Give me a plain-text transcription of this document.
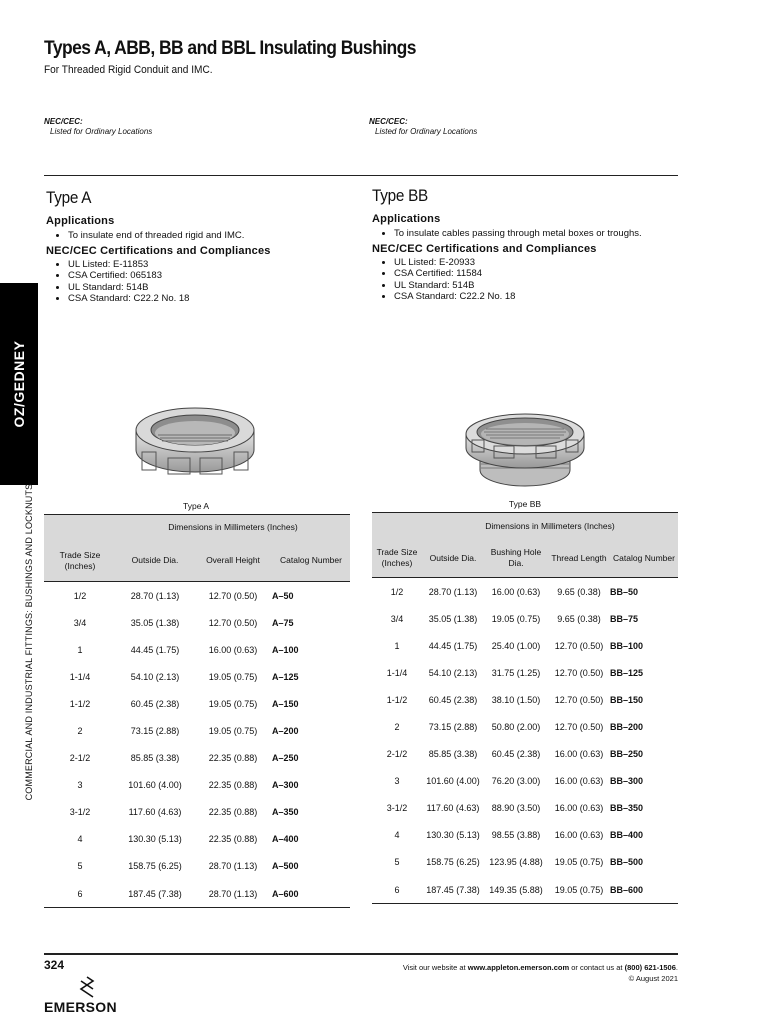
Types A, ABB, BB and BBL Insulating Bushings
For Threaded Rigid Conduit and IMC.
NEC/CEC:
Listed for Ordinary Locations
NEC/CEC:
Listed for Ordinary Locations
Type A
Applications
• To insulate end of threaded rigid and IMC.
NEC/CEC Certifications and Compliances
• UL Listed: E-11853
• CSA Certified: 065183
• UL Standard: 514B
• CSA Standard: C22.2 No. 18
Type BB
Applications
• To insulate cables passing through metal boxes or troughs.
NEC/CEC Certifications and Compliances
• UL Listed: E-20933
• CSA Certified: 11584
• UL Standard: 514B
• CSA Standard: C22.2 No. 18
OZ/GEDNEY
COMMERCIAL AND INDUSTRIAL FITTINGS: BUSHINGS AND LOCKNUTS	Type A	Type BB
	Dimensions in Millimeters (Inches)		
Trade Size (Inches)	Outside Dia.	Overall Height	Catalog Number
1/2	28.70 (1.13)	12.70 (0.50)	A–50
3/4	35.05 (1.38)	12.70 (0.50)	A–75
1	44.45 (1.75)	16.00 (0.63)	A–100
1-1/4	54.10 (2.13)	19.05 (0.75)	A–125
1-1/2	60.45 (2.38)	19.05 (0.75)	A–150
2	73.15 (2.88)	19.05 (0.75)	A–200
2-1/2	85.85 (3.38)	22.35 (0.88)	A–250
3	101.60 (4.00)	22.35 (0.88)	A–300
3-1/2	117.60 (4.63)	22.35 (0.88)	A–350
4	130.30 (5.13)	22.35 (0.88)	A–400
5	158.75 (6.25)	28.70 (1.13)	A–500
6	187.45 (7.38)	28.70 (1.13)	A–600
	Dimensions in Millimeters (Inches)			
Trade Size (Inches)	Outside Dia.	Bushing Hole Dia.	Thread Length	Catalog Number
1/2	28.70 (1.13)	16.00 (0.63)	9.65 (0.38)	BB–50
3/4	35.05 (1.38)	19.05 (0.75)	9.65 (0.38)	BB–75
1	44.45 (1.75)	25.40 (1.00)	12.70 (0.50)	BB–100
1-1/4	54.10 (2.13)	31.75 (1.25)	12.70 (0.50)	BB–125
1-1/2	60.45 (2.38)	38.10 (1.50)	12.70 (0.50)	BB–150
2	73.15 (2.88)	50.80 (2.00)	12.70 (0.50)	BB–200
2-1/2	85.85 (3.38)	60.45 (2.38)	16.00 (0.63)	BB–250
3	101.60 (4.00)	76.20 (3.00)	16.00 (0.63)	BB–300
3-1/2	117.60 (4.63)	88.90 (3.50)	16.00 (0.63)	BB–350
4	130.30 (5.13)	98.55 (3.88)	16.00 (0.63)	BB–400
5	158.75 (6.25)	123.95 (4.88)	19.05 (0.75)	BB–500
6	187.45 (7.38)	149.35 (5.88)	19.05 (0.75)	BB–600
324	Visit our website at www.appleton.emerson.com or contact us at (800) 621-1506.
© August 2021
EMERSON
